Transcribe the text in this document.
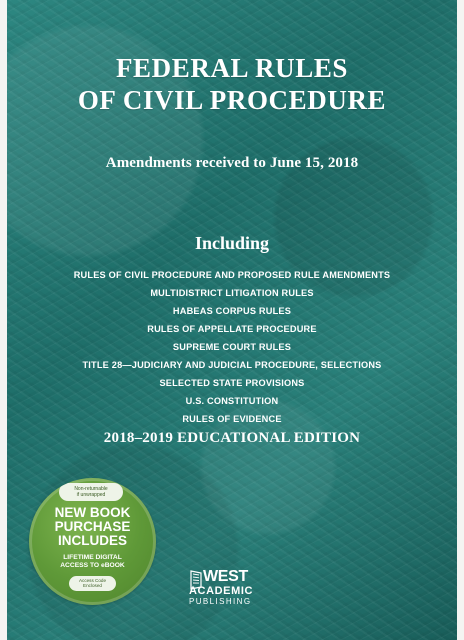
FEDERAL RULES
OF CIVIL PROCEDURE
Amendments received to June 15, 2018
Including
RULES OF CIVIL PROCEDURE AND PROPOSED RULE AMENDMENTS
MULTIDISTRICT LITIGATION RULES
HABEAS CORPUS RULES
RULES OF APPELLATE PROCEDURE
SUPREME COURT RULES
TITLE 28—JUDICIARY AND JUDICIAL PROCEDURE, SELECTIONS
SELECTED STATE PROVISIONS
U.S. CONSTITUTION
RULES OF EVIDENCE
2018–2019 EDUCATIONAL EDITION
Non-returnable
if unwrapped
NEW BOOK
PURCHASE
INCLUDES
LIFETIME DIGITAL
ACCESS TO eBOOK
Access Code
Enclosed
WEST
ACADEMIC
PUBLISHING
